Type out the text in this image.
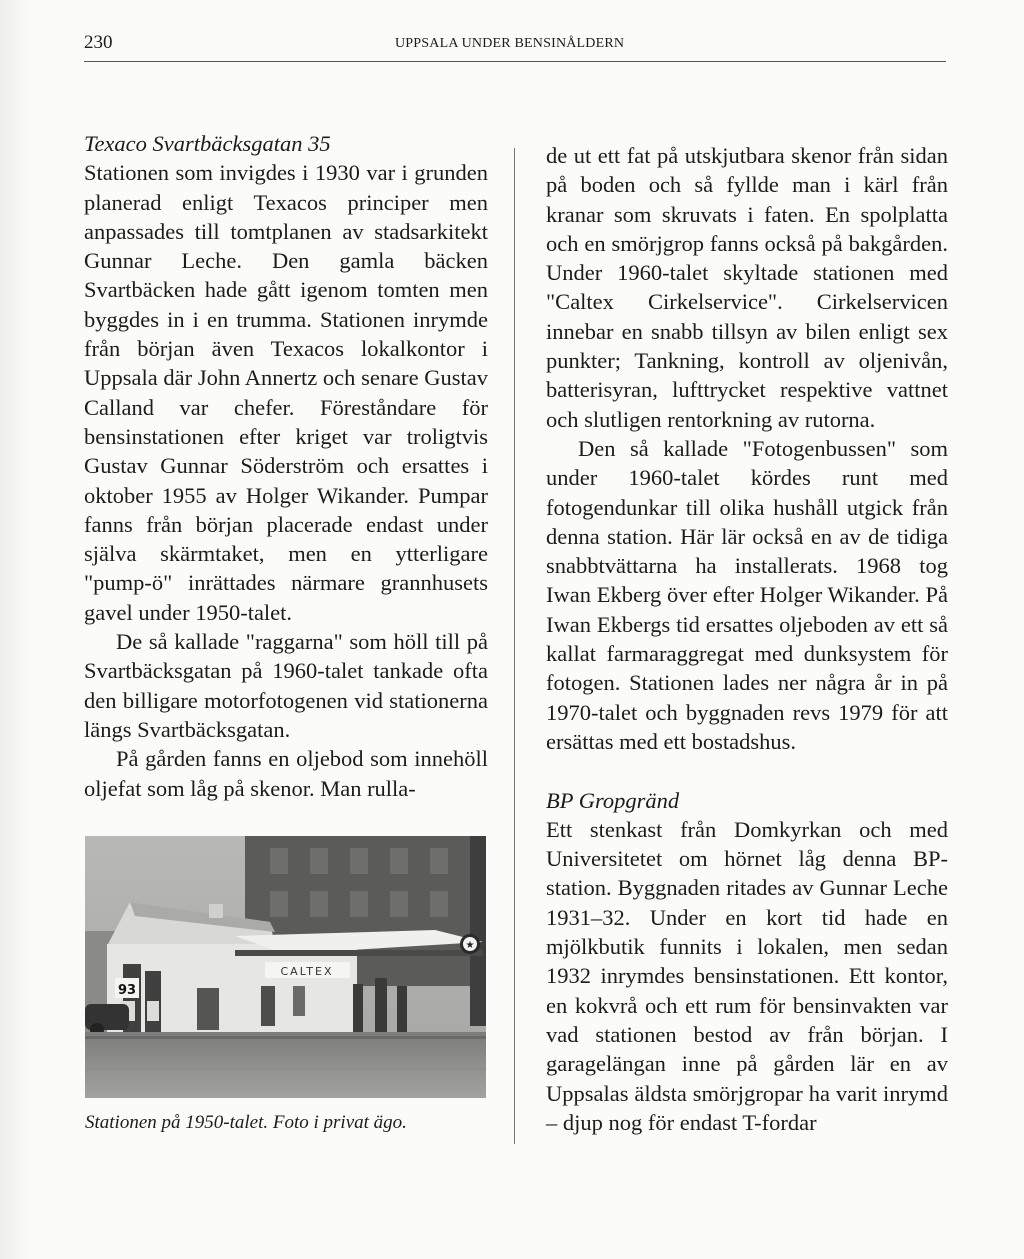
230	UPPSALA UNDER BENSINÅLDERN

Texaco Svartbäcksgatan 35

Stationen som invigdes i 1930 var i grunden planerad enligt Texacos principer men anpassades till tomtplanen av stadsarkitekt Gunnar Leche. Den gamla bäcken Svartbäcken hade gått igenom tomten men byggdes in i en trumma. Stationen inrymde från början även Texacos lokalkontor i Uppsala där John Annertz och senare Gustav Calland var chefer. Föreståndare för bensinstationen efter kriget var troligtvis Gustav Gunnar Söderström och ersattes i oktober 1955 av Holger Wikander. Pumpar fanns från början placerade endast under själva skärmtaket, men en ytterligare "pump-ö" inrättades närmare grannhusets gavel under 1950-talet.

De så kallade "raggarna" som höll till på Svartbäcksgatan på 1960-talet tankade ofta den billigare motorfotogenen vid stationerna längs Svartbäcksgatan.

På gården fanns en oljebod som innehöll oljefat som låg på skenor. Man rulla-

★
CALTEX
93
Stationen på 1950-talet. Foto i privat ägo.

de ut ett fat på utskjutbara skenor från sidan på boden och så fyllde man i kärl från kranar som skruvats i faten. En spolplatta och en smörjgrop fanns också på bakgården. Under 1960-talet skyltade stationen med "Caltex Cirkelservice". Cirkelservicen innebar en snabb tillsyn av bilen enligt sex punkter; Tankning, kontroll av oljenivån, batterisyran, lufttrycket respektive vattnet och slutligen rentorkning av rutorna.

Den så kallade "Fotogenbussen" som under 1960-talet kördes runt med fotogendunkar till olika hushåll utgick från denna station. Här lär också en av de tidiga snabbtvättarna ha installerats. 1968 tog Iwan Ekberg över efter Holger Wikander. På Iwan Ekbergs tid ersattes oljeboden av ett så kallat farmaraggregat med dunksystem för fotogen. Stationen lades ner några år in på 1970-talet och byggnaden revs 1979 för att ersättas med ett bostadshus.

BP Gropgränd

Ett stenkast från Domkyrkan och med Universitetet om hörnet låg denna BP-station. Byggnaden ritades av Gunnar Leche 1931–32. Under en kort tid hade en mjölkbutik funnits i lokalen, men sedan 1932 inrymdes bensinstationen. Ett kontor, en kokvrå och ett rum för bensinvakten var vad stationen bestod av från början. I garagelängan inne på gården lär en av Uppsalas äldsta smörjgropar ha varit inrymd – djup nog för endast T-fordar
